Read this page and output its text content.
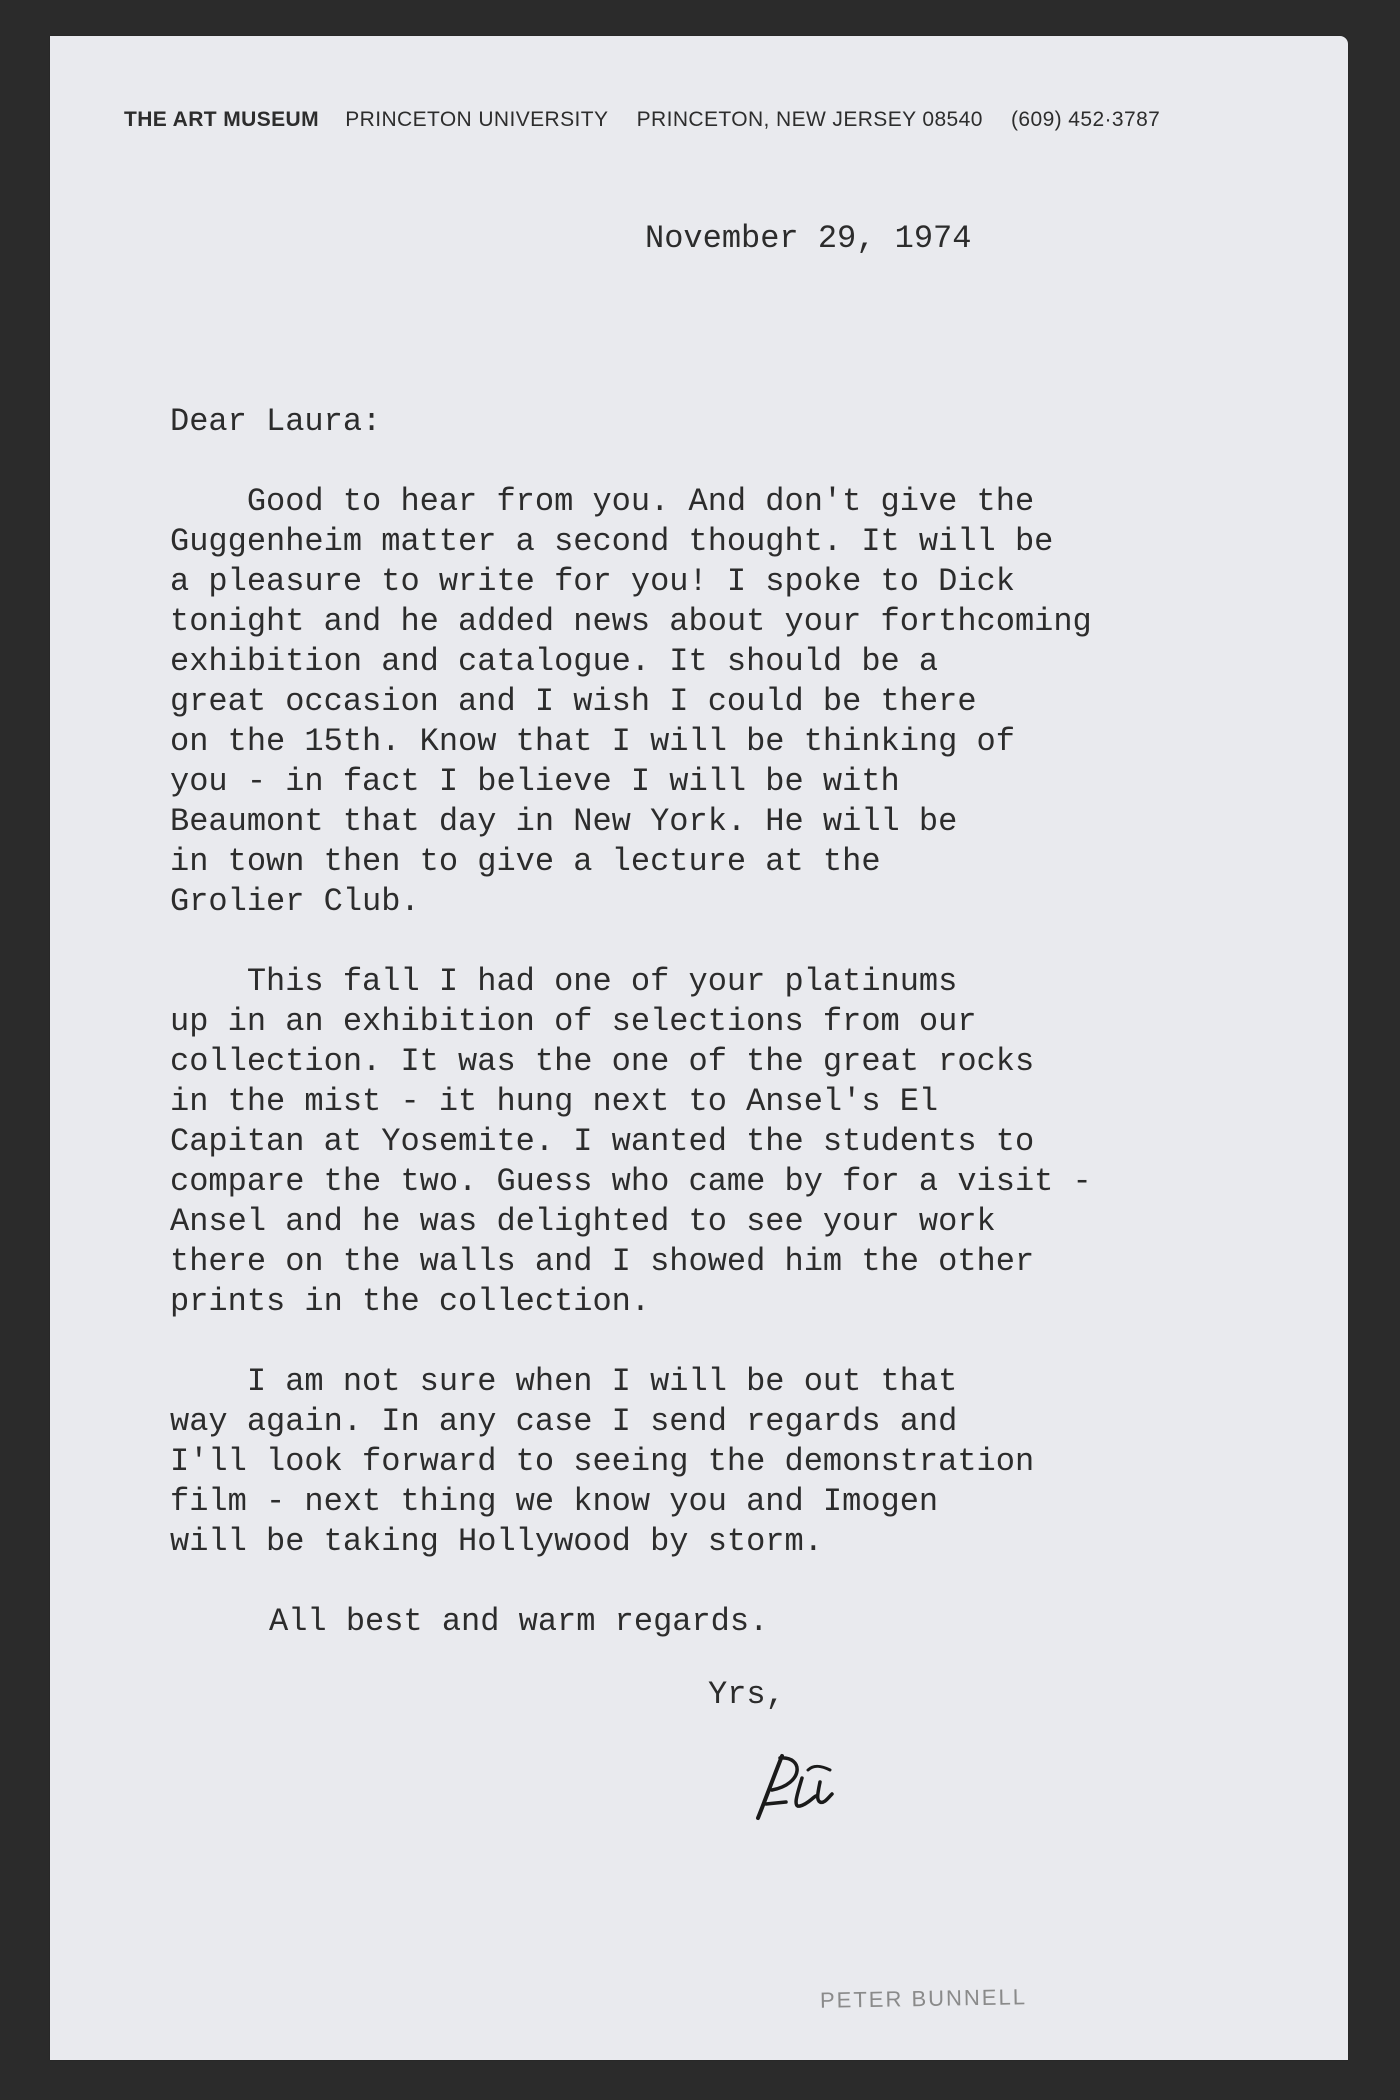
THE ART MUSEUM PRINCETON UNIVERSITY PRINCETON, NEW JERSEY 08540 (609) 452·3787
November 29, 1974
Dear Laura:
Good to hear from you. And don't give the
Guggenheim matter a second thought. It will be
a pleasure to write for you! I spoke to Dick
tonight and he added news about your forthcoming
exhibition and catalogue. It should be a
great occasion and I wish I could be there
on the 15th. Know that I will be thinking of
you - in fact I believe I will be with
Beaumont that day in New York. He will be
in town then to give a lecture at the
Grolier Club.
This fall I had one of your platinums
up in an exhibition of selections from our
collection. It was the one of the great rocks
in the mist - it hung next to Ansel's El
Capitan at Yosemite. I wanted the students to
compare the two. Guess who came by for a visit -
Ansel and he was delighted to see your work
there on the walls and I showed him the other
prints in the collection.
I am not sure when I will be out that
way again. In any case I send regards and
I'll look forward to seeing the demonstration
film - next thing we know you and Imogen
will be taking Hollywood by storm.
All best and warm regards.
Yrs,
PETER BUNNELL
